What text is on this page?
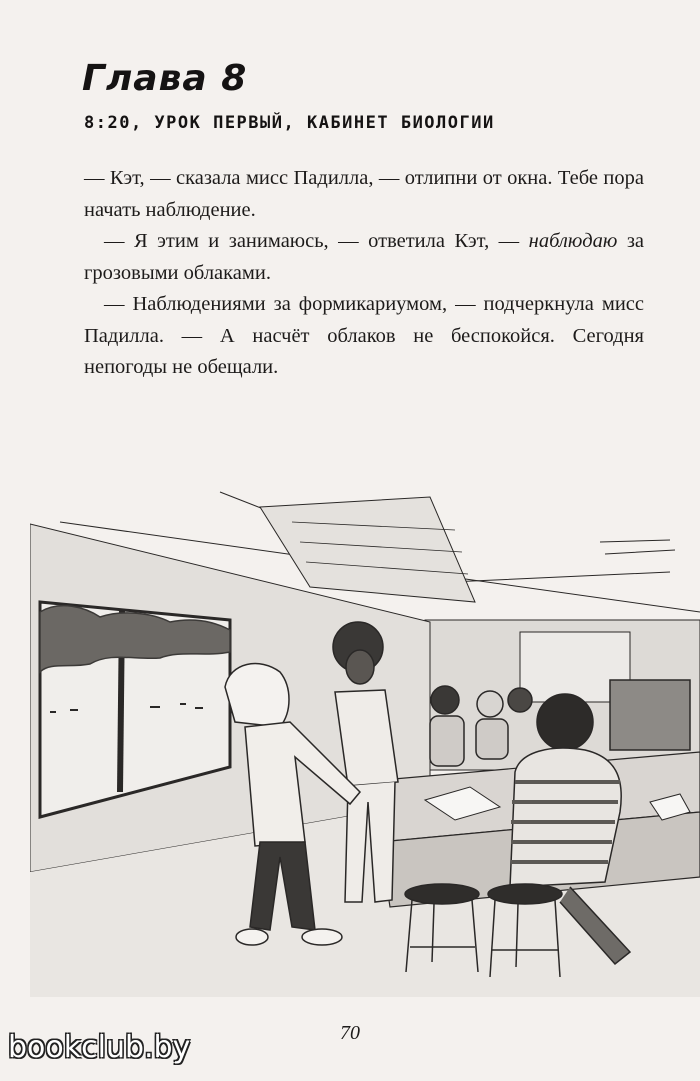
Глава 8
8:20, УРОК ПЕРВЫЙ, КАБИНЕТ БИОЛОГИИ

— Кэт, — сказала мисс Падилла, — отлипни от окна. Тебе пора начать наблюдение.

— Я этим и занимаюсь, — ответила Кэт, — наблюдаю за грозовыми облаками.

— Наблюдениями за формикариумом, — подчеркнула мисс Падилла. — А насчёт облаков не беспокойся. Сегодня непогоды не обещали.

70
bookclub.by
